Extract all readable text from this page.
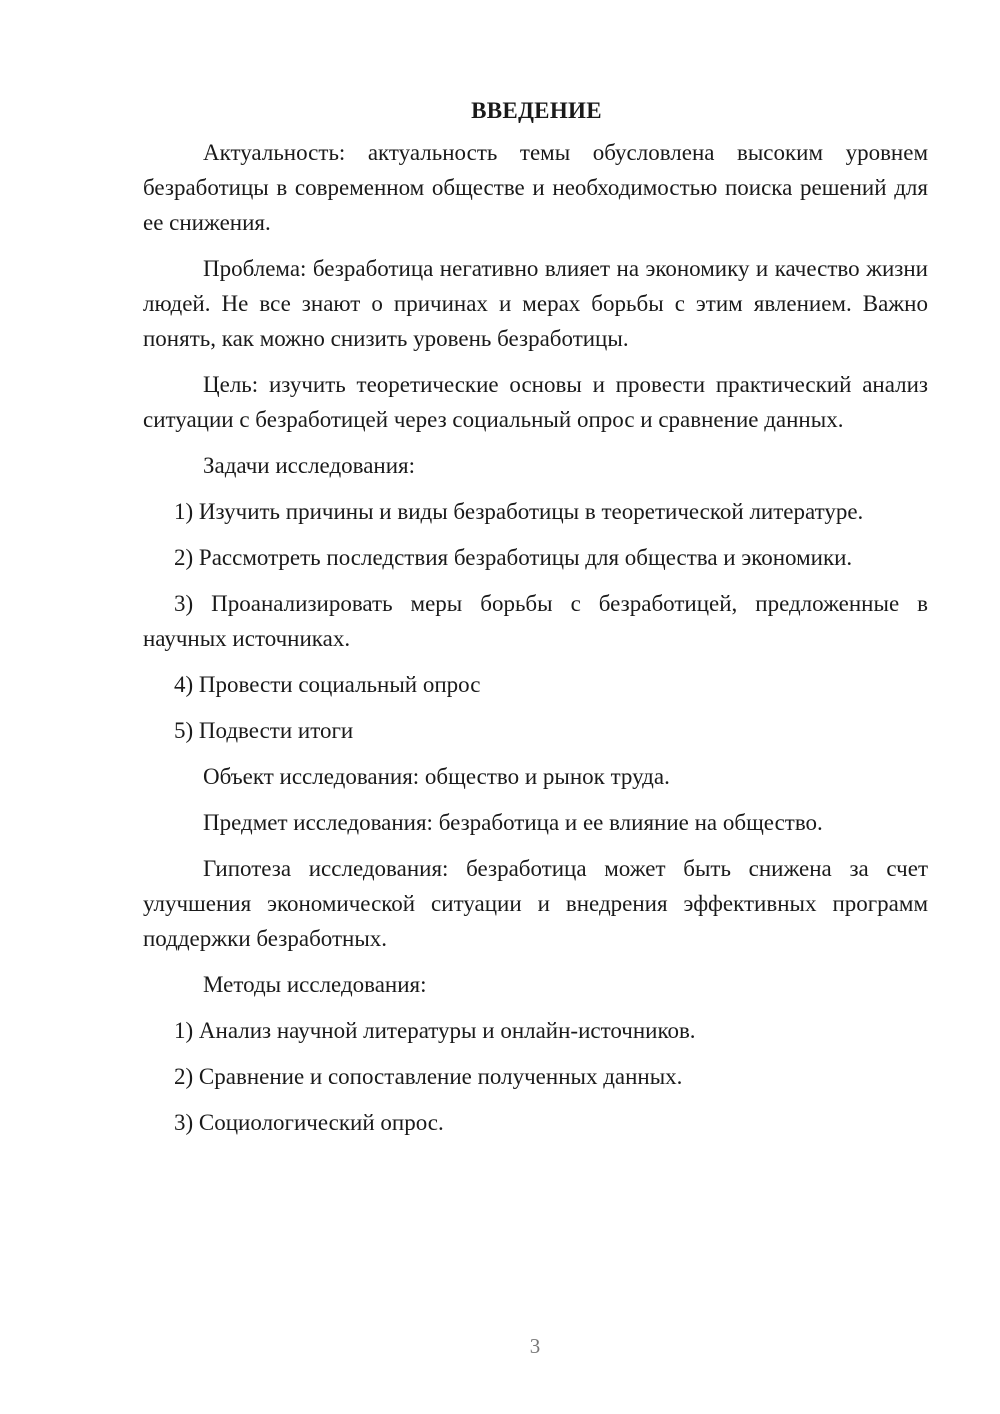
ВВЕДЕНИЕ

Актуальность: актуальность темы обусловлена высоким уровнем безработицы в современном обществе и необходимостью поиска решений для ее снижения.

Проблема: безработица негативно влияет на экономику и качество жизни людей. Не все знают о причинах и мерах борьбы с этим явлением. Важно понять, как можно снизить уровень безработицы.

Цель: изучить теоретические основы и провести практический анализ ситуации с безработицей через социальный опрос и сравнение данных.

Задачи исследования:

1) Изучить причины и виды безработицы в теоретической литературе.

2) Рассмотреть последствия безработицы для общества и экономики.

3) Проанализировать меры борьбы с безработицей, предложенные в научных источниках.

4) Провести социальный опрос

5) Подвести итоги

Объект исследования: общество и рынок труда.

Предмет исследования: безработица и ее влияние на общество.

Гипотеза исследования: безработица может быть снижена за счет улучшения экономической ситуации и внедрения эффективных программ поддержки безработных.

Методы исследования:

1) Анализ научной литературы и онлайн-источников.

2) Сравнение и сопоставление полученных данных.

3) Социологический опрос.

3
